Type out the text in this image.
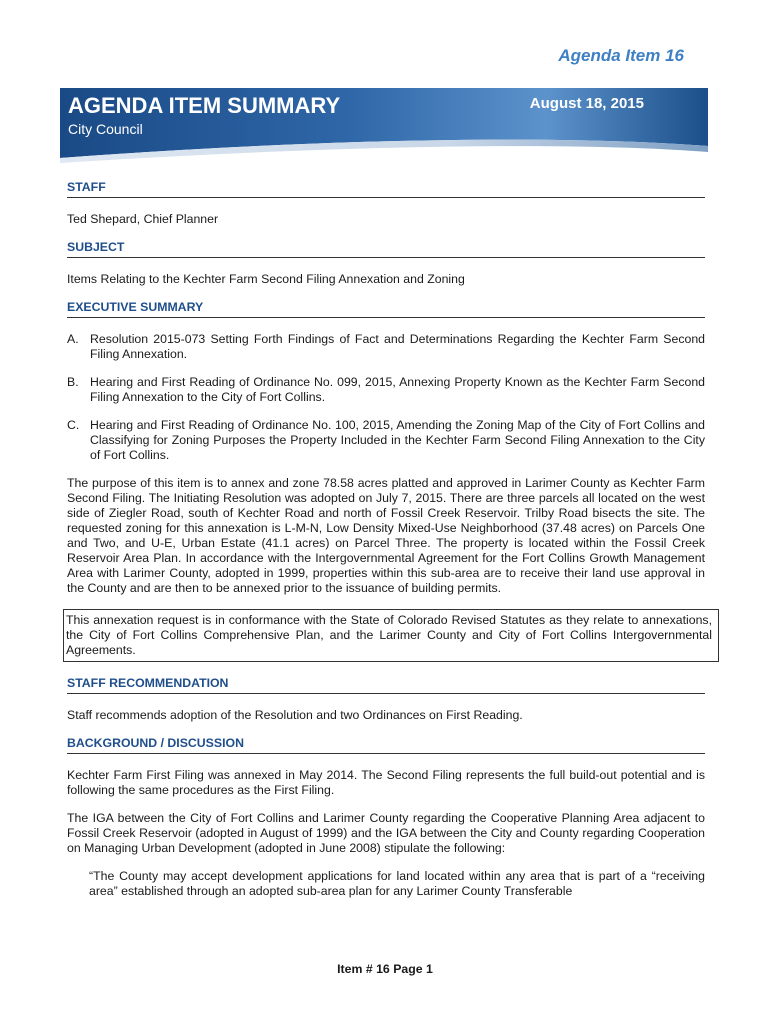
Agenda Item 16
AGENDA ITEM SUMMARY
City Council
August 18, 2015
STAFF

Ted Shepard, Chief Planner

SUBJECT

Items Relating to the Kechter Farm Second Filing Annexation and Zoning

EXECUTIVE SUMMARY
A. Resolution 2015-073 Setting Forth Findings of Fact and Determinations Regarding the Kechter Farm Second Filing Annexation.
B. Hearing and First Reading of Ordinance No. 099, 2015, Annexing Property Known as the Kechter Farm Second Filing Annexation to the City of Fort Collins.
C. Hearing and First Reading of Ordinance No. 100, 2015, Amending the Zoning Map of the City of Fort Collins and Classifying for Zoning Purposes the Property Included in the Kechter Farm Second Filing Annexation to the City of Fort Collins.

The purpose of this item is to annex and zone 78.58 acres platted and approved in Larimer County as Kechter Farm Second Filing. The Initiating Resolution was adopted on July 7, 2015. There are three parcels all located on the west side of Ziegler Road, south of Kechter Road and north of Fossil Creek Reservoir. Trilby Road bisects the site. The requested zoning for this annexation is L-M-N, Low Density Mixed-Use Neighborhood (37.48 acres) on Parcels One and Two, and U-E, Urban Estate (41.1 acres) on Parcel Three. The property is located within the Fossil Creek Reservoir Area Plan. In accordance with the Intergovernmental Agreement for the Fort Collins Growth Management Area with Larimer County, adopted in 1999, properties within this sub-area are to receive their land use approval in the County and are then to be annexed prior to the issuance of building permits.

This annexation request is in conformance with the State of Colorado Revised Statutes as they relate to annexations, the City of Fort Collins Comprehensive Plan, and the Larimer County and City of Fort Collins Intergovernmental Agreements.
STAFF RECOMMENDATION

Staff recommends adoption of the Resolution and two Ordinances on First Reading.

BACKGROUND / DISCUSSION

Kechter Farm First Filing was annexed in May 2014. The Second Filing represents the full build-out potential and is following the same procedures as the First Filing.

The IGA between the City of Fort Collins and Larimer County regarding the Cooperative Planning Area adjacent to Fossil Creek Reservoir (adopted in August of 1999) and the IGA between the City and County regarding Cooperation on Managing Urban Development (adopted in June 2008) stipulate the following:

“The County may accept development applications for land located within any area that is part of a “receiving area” established through an adopted sub-area plan for any Larimer County Transferable

Item # 16 Page 1
